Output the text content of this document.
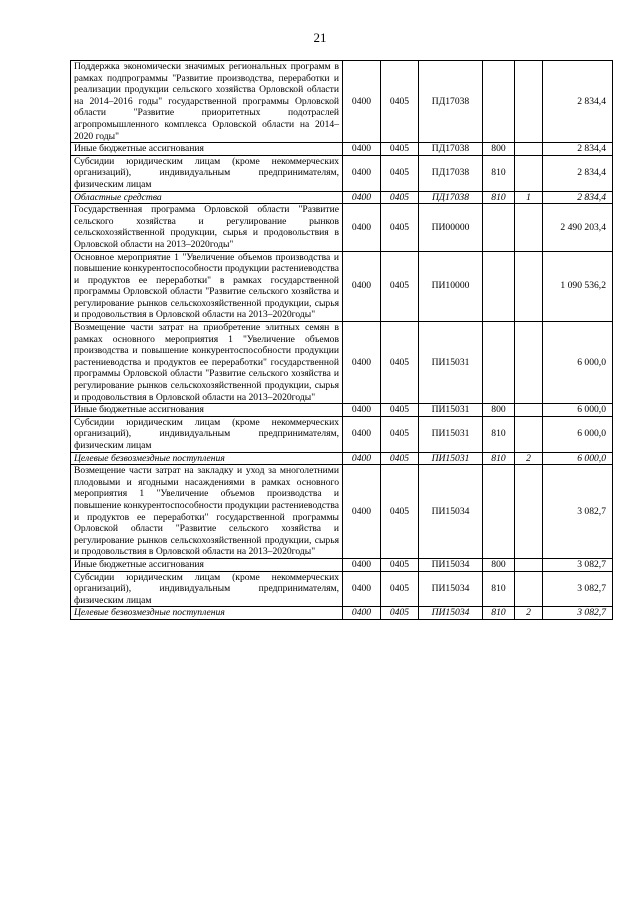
21
Поддержка экономически значимых региональных программ в рамках подпрограммы "Развитие производства, переработки и реализации продукции сельского хозяйства Орловской области на 2014–2016 годы" государственной программы Орловской области "Развитие приоритетных подотраслей агропромышленного комплекса Орловской области на 2014–2020 годы"	0400	0405	ПД17038			2 834,4
Иные бюджетные ассигнования	0400	0405	ПД17038	800		2 834,4
Субсидии юридическим лицам (кроме некоммерческих организаций), индивидуальным предпринимателям, физическим лицам	0400	0405	ПД17038	810		2 834,4
Областные средства	0400	0405	ПД17038	810	1	2 834,4
Государственная программа Орловской области "Развитие сельского хозяйства и регулирование рынков сельскохозяйственной продукции, сырья и продовольствия в Орловской области на 2013–2020годы"	0400	0405	ПИ00000			2 490 203,4
Основное мероприятие 1 "Увеличение объемов производства и повышение конкурентоспособности продукции растениеводства и продуктов ее переработки" в рамках государственной программы Орловской области "Развитие сельского хозяйства и регулирование рынков сельскохозяйственной продукции, сырья и продовольствия в Орловской области на 2013–2020годы"	0400	0405	ПИ10000			1 090 536,2
Возмещение части затрат на приобретение элитных семян в рамках основного мероприятия 1 "Увеличение объемов производства и повышение конкурентоспособности продукции растениеводства и продуктов ее переработки" государственной программы Орловской области "Развитие сельского хозяйства и регулирование рынков сельскохозяйственной продукции, сырья и продовольствия в Орловской области на 2013–2020годы"	0400	0405	ПИ15031			6 000,0
Иные бюджетные ассигнования	0400	0405	ПИ15031	800		6 000,0
Субсидии юридическим лицам (кроме некоммерческих организаций), индивидуальным предпринимателям, физическим лицам	0400	0405	ПИ15031	810		6 000,0
Целевые безвозмездные поступления	0400	0405	ПИ15031	810	2	6 000,0
Возмещение части затрат на закладку и уход за многолетними плодовыми и ягодными насаждениями в рамках основного мероприятия 1 "Увеличение объемов производства и повышение конкурентоспособности продукции растениеводства и продуктов ее переработки" государственной программы Орловской области "Развитие сельского хозяйства и регулирование рынков сельскохозяйственной продукции, сырья и продовольствия в Орловской области на 2013–2020годы"	0400	0405	ПИ15034			3 082,7
Иные бюджетные ассигнования	0400	0405	ПИ15034	800		3 082,7
Субсидии юридическим лицам (кроме некоммерческих организаций), индивидуальным предпринимателям, физическим лицам	0400	0405	ПИ15034	810		3 082,7
Целевые безвозмездные поступления	0400	0405	ПИ15034	810	2	3 082,7
